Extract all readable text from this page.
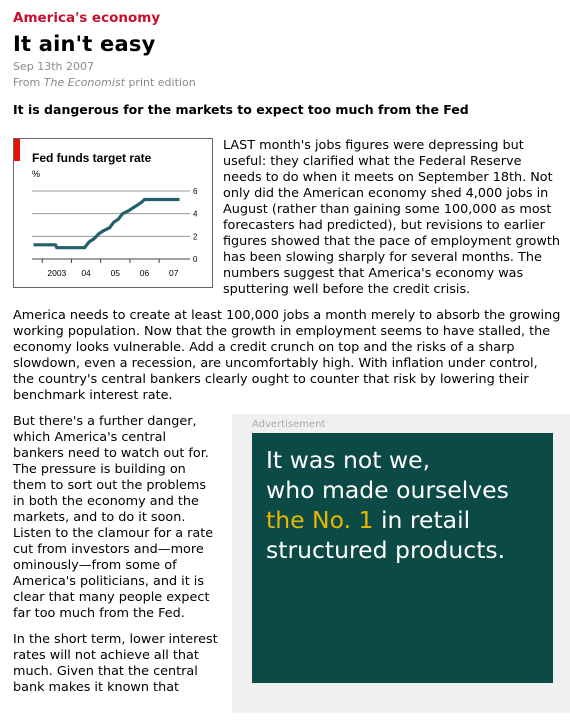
America's economy
It ain't easy
Sep 13th 2007
From The Economist print edition
It is dangerous for the markets to expect too much from the Fed
Fed funds target rate
%
6
4
2
0
2003 04 05 06 07

LAST month's jobs figures were depressing but useful: they clarified what the Federal Reserve needs to do when it meets on September 18th. Not only did the American economy shed 4,000 jobs in August (rather than gaining some 100,000 as most forecasters had predicted), but revisions to earlier figures showed that the pace of employment growth has been slowing sharply for several months. The numbers suggest that America's economy was sputtering well before the credit crisis.

America needs to create at least 100,000 jobs a month merely to absorb the growing working population. Now that the growth in employment seems to have stalled, the economy looks vulnerable. Add a credit crunch on top and the risks of a sharp slowdown, even a recession, are uncomfortably high. With inflation under control, the country's central bankers clearly ought to counter that risk by lowering their benchmark interest rate.

Advertisement
It was not we,
who made ourselves
the No. 1 in retail
structured products.

But there's a further danger, which America's central bankers need to watch out for. The pressure is building on them to sort out the problems in both the economy and the markets, and to do it soon. Listen to the clamour for a rate cut from investors and—more ominously—from some of America's politicians, and it is clear that many people expect far too much from the Fed.

In the short term, lower interest rates will not achieve all that much. Given that the central bank makes it known that
